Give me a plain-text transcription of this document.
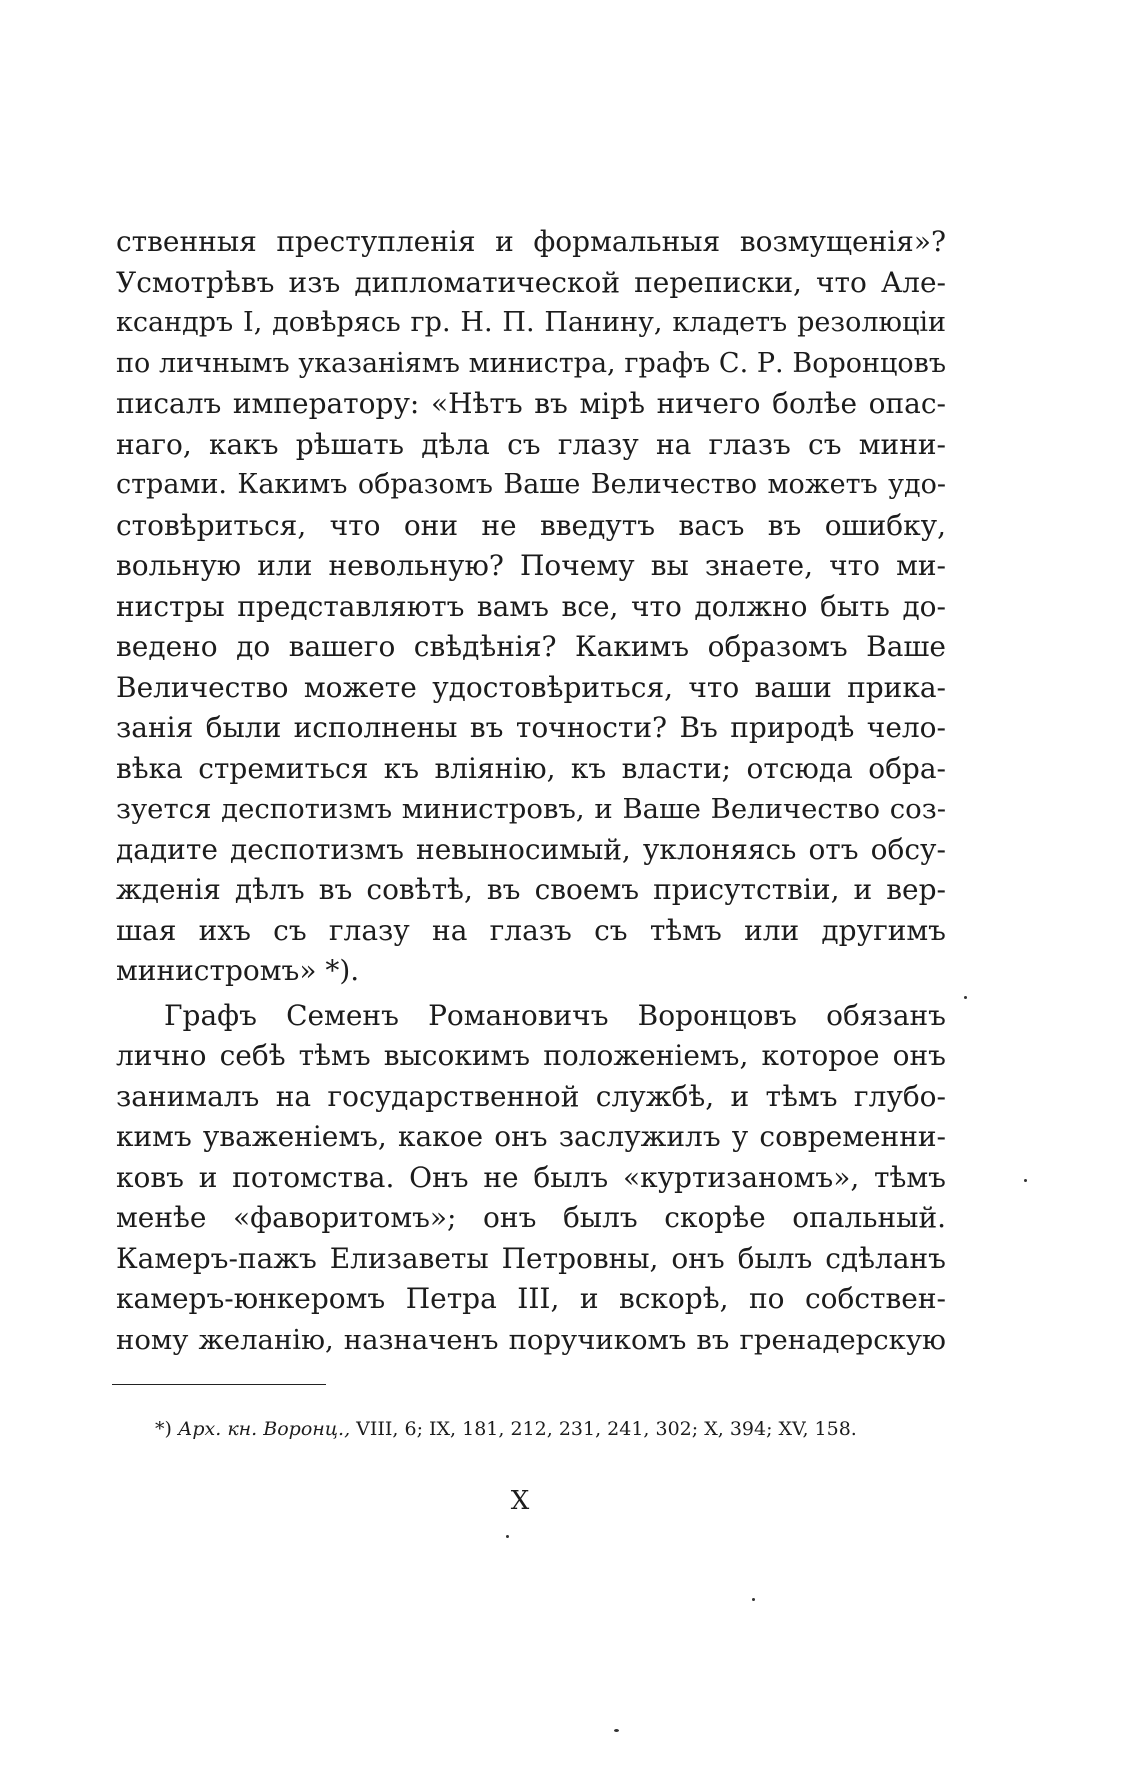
ственныя преступленія и формальныя возмущенія»?
Усмотрѣвъ изъ дипломатической переписки, что Але-
ксандръ I, довѣрясь гр. Н. П. Панину, кладетъ резолюціи
по личнымъ указаніямъ министра, графъ С. Р. Воронцовъ
писалъ императору: «Нѣтъ въ мірѣ ничего болѣе опас-
наго, какъ рѣшать дѣла съ глазу на глазъ съ мини-
страми. Какимъ образомъ Ваше Величество можетъ удо-
стовѣриться, что они не введутъ васъ въ ошибку,
вольную или невольную? Почему вы знаете, что ми-
нистры представляютъ вамъ все, что должно быть до-
ведено до вашего свѣдѣнія? Какимъ образомъ Ваше
Величество можете удостовѣриться, что ваши прика-
занія были исполнены въ точности? Въ природѣ чело-
вѣка стремиться къ вліянію, къ власти; отсюда обра-
зуется деспотизмъ министровъ, и Ваше Величество соз-
дадите деспотизмъ невыносимый, уклоняясь отъ обсу-
жденія дѣлъ въ совѣтѣ, въ своемъ присутствіи, и вер-
шая ихъ съ глазу на глазъ съ тѣмъ или другимъ
министромъ» *).
Графъ Семенъ Романовичъ Воронцовъ обязанъ
лично себѣ тѣмъ высокимъ положеніемъ, которое онъ
занималъ на государственной службѣ, и тѣмъ глубо-
кимъ уваженіемъ, какое онъ заслужилъ у современни-
ковъ и потомства. Онъ не былъ «куртизаномъ», тѣмъ
менѣе «фаворитомъ»; онъ былъ скорѣе опальный.
Камеръ-пажъ Елизаветы Петровны, онъ былъ сдѣланъ
камеръ-юнкеромъ Петра III, и вскорѣ, по собствен-
ному желанію, назначенъ поручикомъ въ гренадерскую
*) Арх. кн. Воронц., VIII, 6; IX, 181, 212, 231, 241, 302; X, 394; XV, 158.
X
